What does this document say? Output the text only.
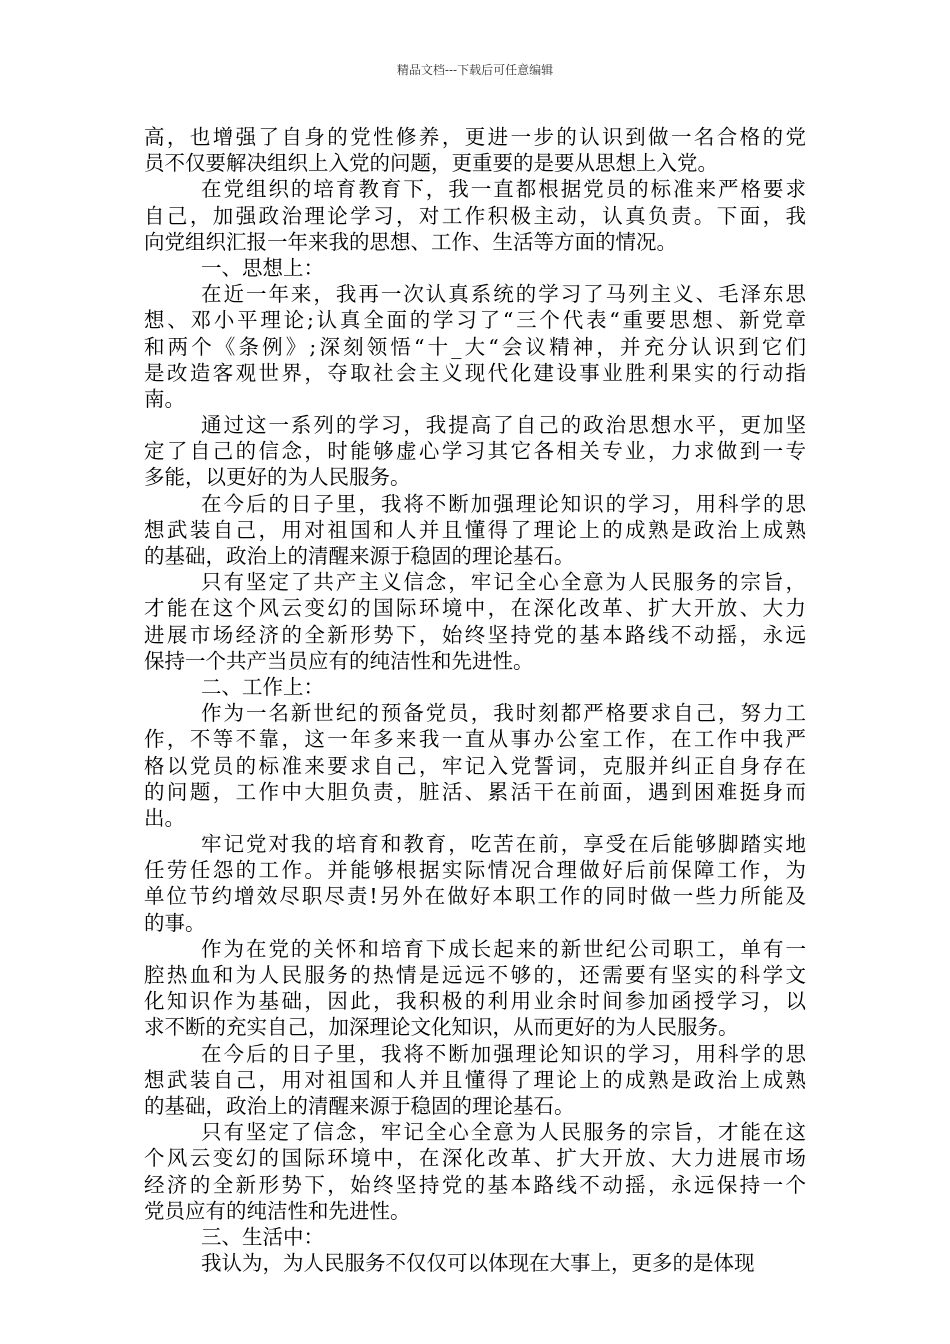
精品文档---下载后可任意编辑
高，也增强了自身的党性修养，更进一步的认识到做一名合格的党
员不仅要解决组织上入党的问题，更重要的是要从思想上入党。
在党组织的培育教育下，我一直都根据党员的标准来严格要求
自己，加强政治理论学习，对工作积极主动，认真负责。下面，我
向党组织汇报一年来我的思想、工作、生活等方面的情况。
一、思想上：
在近一年来，我再一次认真系统的学习了马列主义、毛泽东思
想、邓小平理论;认真全面的学习了“三个代表“重要思想、新党章
和两个《条例》;深刻领悟“十_大“会议精神，并充分认识到它们
是改造客观世界，夺取社会主义现代化建设事业胜利果实的行动指
南。
通过这一系列的学习，我提高了自己的政治思想水平，更加坚
定了自己的信念，时能够虚心学习其它各相关专业，力求做到一专
多能，以更好的为人民服务。
在今后的日子里，我将不断加强理论知识的学习，用科学的思
想武装自己，用对祖国和人并且懂得了理论上的成熟是政治上成熟
的基础，政治上的清醒来源于稳固的理论基石。
只有坚定了共产主义信念，牢记全心全意为人民服务的宗旨，
才能在这个风云变幻的国际环境中，在深化改革、扩大开放、大力
进展市场经济的全新形势下，始终坚持党的基本路线不动摇，永远
保持一个共产当员应有的纯洁性和先进性。
二、工作上：
作为一名新世纪的预备党员，我时刻都严格要求自己，努力工
作，不等不靠，这一年多来我一直从事办公室工作，在工作中我严
格以党员的标准来要求自己，牢记入党誓词，克服并纠正自身存在
的问题，工作中大胆负责，脏活、累活干在前面，遇到困难挺身而
出。
牢记党对我的培育和教育，吃苦在前，享受在后能够脚踏实地
任劳任怨的工作。并能够根据实际情况合理做好后前保障工作，为
单位节约增效尽职尽责!另外在做好本职工作的同时做一些力所能及
的事。
作为在党的关怀和培育下成长起来的新世纪公司职工，单有一
腔热血和为人民服务的热情是远远不够的，还需要有坚实的科学文
化知识作为基础，因此，我积极的利用业余时间参加函授学习，以
求不断的充实自己，加深理论文化知识，从而更好的为人民服务。
在今后的日子里，我将不断加强理论知识的学习，用科学的思
想武装自己，用对祖国和人并且懂得了理论上的成熟是政治上成熟
的基础，政治上的清醒来源于稳固的理论基石。
只有坚定了信念，牢记全心全意为人民服务的宗旨，才能在这
个风云变幻的国际环境中，在深化改革、扩大开放、大力进展市场
经济的全新形势下，始终坚持党的基本路线不动摇，永远保持一个
党员应有的纯洁性和先进性。
三、生活中：
我认为，为人民服务不仅仅可以体现在大事上，更多的是体现
